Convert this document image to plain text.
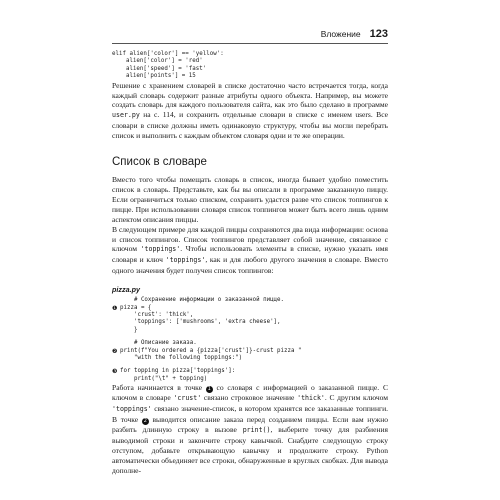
Вложение 123
elif alien['color'] == 'yellow':
alien['color'] = 'red'
alien['speed'] = 'fast'
alien['points'] = 15

Решение с хранением словарей в списке достаточно часто встречается тогда, когда каждый словарь содержит разные атрибуты одного объекта. Например, вы можете создать словарь для каждого пользователя сайта, как это было сделано в программе user.py на с. 114, и сохранить отдельные словари в списке с именем users. Все словари в списке должны иметь одинаковую структуру, чтобы вы могли перебрать список и выполнить с каждым объектом словаря одни и те же операции.

Список в словаре

Вместо того чтобы помещать словарь в список, иногда бывает удобно поместить список в словарь. Представьте, как бы вы описали в программе заказанную пиццу. Если ограничиться только списком, сохранить удастся разве что список топпингов к пицце. При использовании словаря список топпингов может быть всего лишь одним аспектом описания пиццы.

В следующем примере для каждой пиццы сохраняются два вида информации: основа и список топпингов. Список топпингов представляет собой значение, связанное с ключом 'toppings'. Чтобы использовать элементы в списке, нужно указать имя словаря и ключ 'toppings', как и для любого другого значения в словаре. Вместо одного значения будет получен список топпингов:

pizza.py
# Сохранение информации о заказанной пицце.
❶ pizza = {
'crust': 'thick',
'toppings': ['mushrooms', 'extra cheese'],
}
# Описание заказа.
❷ print(f"You ordered a {pizza['crust']}-crust pizza "
"with the following toppings:")
❸ for topping in pizza['toppings']:
print("\t" + topping)

Работа начинается в точке 1 со словаря с информацией о заказанной пицце. С ключом в словаре 'crust' связано строковое значение 'thick'. С другим ключом 'toppings' связано значение-список, в котором хранятся все заказанные топпинги. В точке 2 выводится описание заказа перед созданием пиццы. Если вам нужно разбить длинную строку в вызове print(), выберите точку для разбиения выводимой строки и закончите строку кавычкой. Снабдите следующую строку отступом, добавьте открывающую кавычку и продолжите строку. Python автоматически объединяет все строки, обнаруженные в круглых скобках. Для вывода дополне-
